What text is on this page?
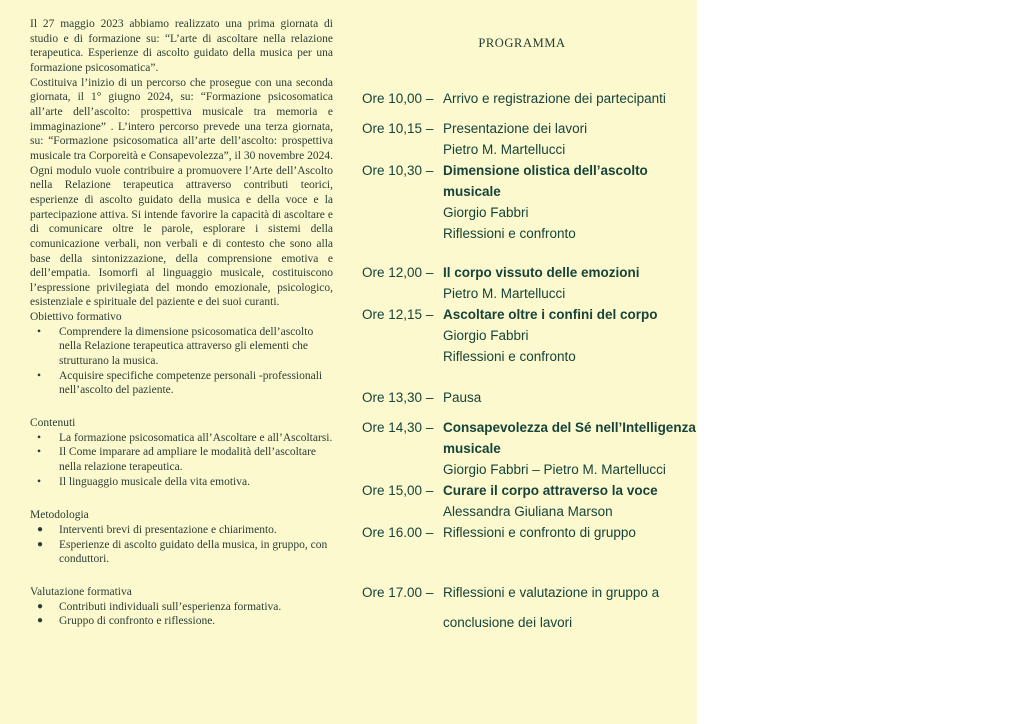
Il 27 maggio 2023 abbiamo realizzato una prima giornata di studio e di formazione su: “L’arte di ascoltare nella relazione terapeutica. Esperienze di ascolto guidato della musica per una formazione psicosomatica”.

Costituiva l’inizio di un percorso che prosegue con una seconda giornata, il 1° giugno 2024, su: “Formazione psicosomatica all’arte dell’ascolto: prospettiva musicale tra memoria e immaginazione” . L’intero percorso prevede una terza giornata, su: “Formazione psicosomatica all’arte dell’ascolto: prospettiva musicale tra Corporeità e Consapevolezza”, il 30 novembre 2024. Ogni modulo vuole contribuire a promuovere l’Arte dell’Ascolto nella Relazione terapeutica attraverso contributi teorici, esperienze di ascolto guidato della musica e della voce e la partecipazione attiva. Si intende favorire la capacità di ascoltare e di comunicare oltre le parole, esplorare i sistemi della comunicazione verbali, non verbali e di contesto che sono alla base della sintonizzazione, della comprensione emotiva e dell’empatia. Isomorfi al linguaggio musicale, costituiscono l’espressione privilegiata del mondo emozionale, psicologico, esistenziale e spirituale del paziente e dei suoi curanti.

Obiettivo formativo
• Comprendere la dimensione psicosomatica dell’ascolto nella Relazione terapeutica attraverso gli elementi che strutturano la musica.
• Acquisire specifiche competenze personali -professionali nell’ascolto del paziente.
Contenuti
• La formazione psicosomatica all’Ascoltare e all’Ascoltarsi.
• Il Come imparare ad ampliare le modalità dell’ascoltare nella relazione terapeutica.
• Il linguaggio musicale della vita emotiva.
Metodologia
● Interventi brevi di presentazione e chiarimento.
● Esperienze di ascolto guidato della musica, in gruppo, con conduttori.
Valutazione formativa
● Contributi individuali sull’esperienza formativa.
● Gruppo di confronto e riflessione.
PROGRAMMA
Ore 10,00 – Arrivo e registrazione dei partecipanti
Ore 10,15 – Presentazione dei lavori
Pietro M. Martellucci
Ore 10,30 – Dimensione olistica dell’ascolto musicale
Giorgio Fabbri
Riflessioni e confronto
Ore 12,00 – Il corpo vissuto delle emozioni
Pietro M. Martellucci
Ore 12,15 – Ascoltare oltre i confini del corpo
Giorgio Fabbri
Riflessioni e confronto
Ore 13,30 – Pausa
Ore 14,30 – Consapevolezza del Sé nell’Intelligenza musicale
Giorgio Fabbri – Pietro M. Martellucci
Ore 15,00 – Curare il corpo attraverso la voce
Alessandra Giuliana Marson
Ore 16.00 – Riflessioni e confronto di gruppo
Ore 17.00 – Riflessioni e valutazione in gruppo a
conclusione dei lavori
